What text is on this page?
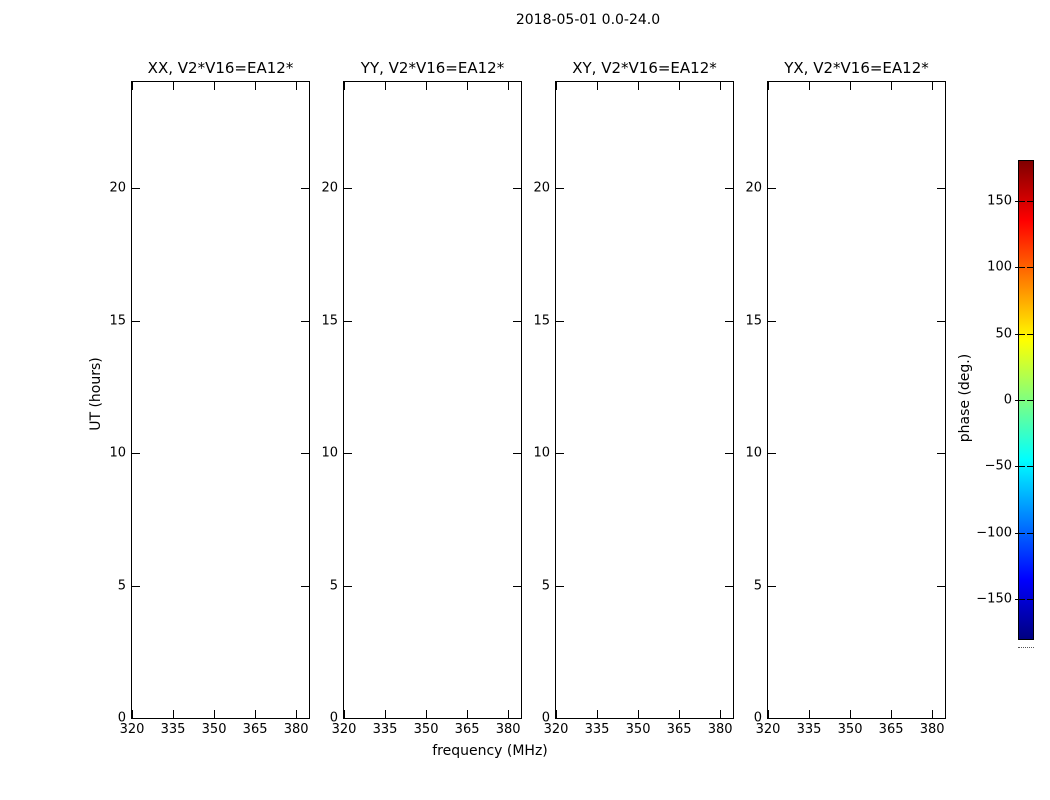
2018-05-01 0.0-24.0
XX, V2*V16=EA12*
320 335 350 365 380
0
5
10
15
20
YY, V2*V16=EA12*
320 335 350 365 380
0
5
10
15
20
XY, V2*V16=EA12*
320 335 350 365 380
0
5
10
15
20
YX, V2*V16=EA12*
320 335 350 365 380
0
5
10
15
20
frequency (MHz)
UT (hours)
150
100
50
0
−50
−100
−150
phase (deg.)
